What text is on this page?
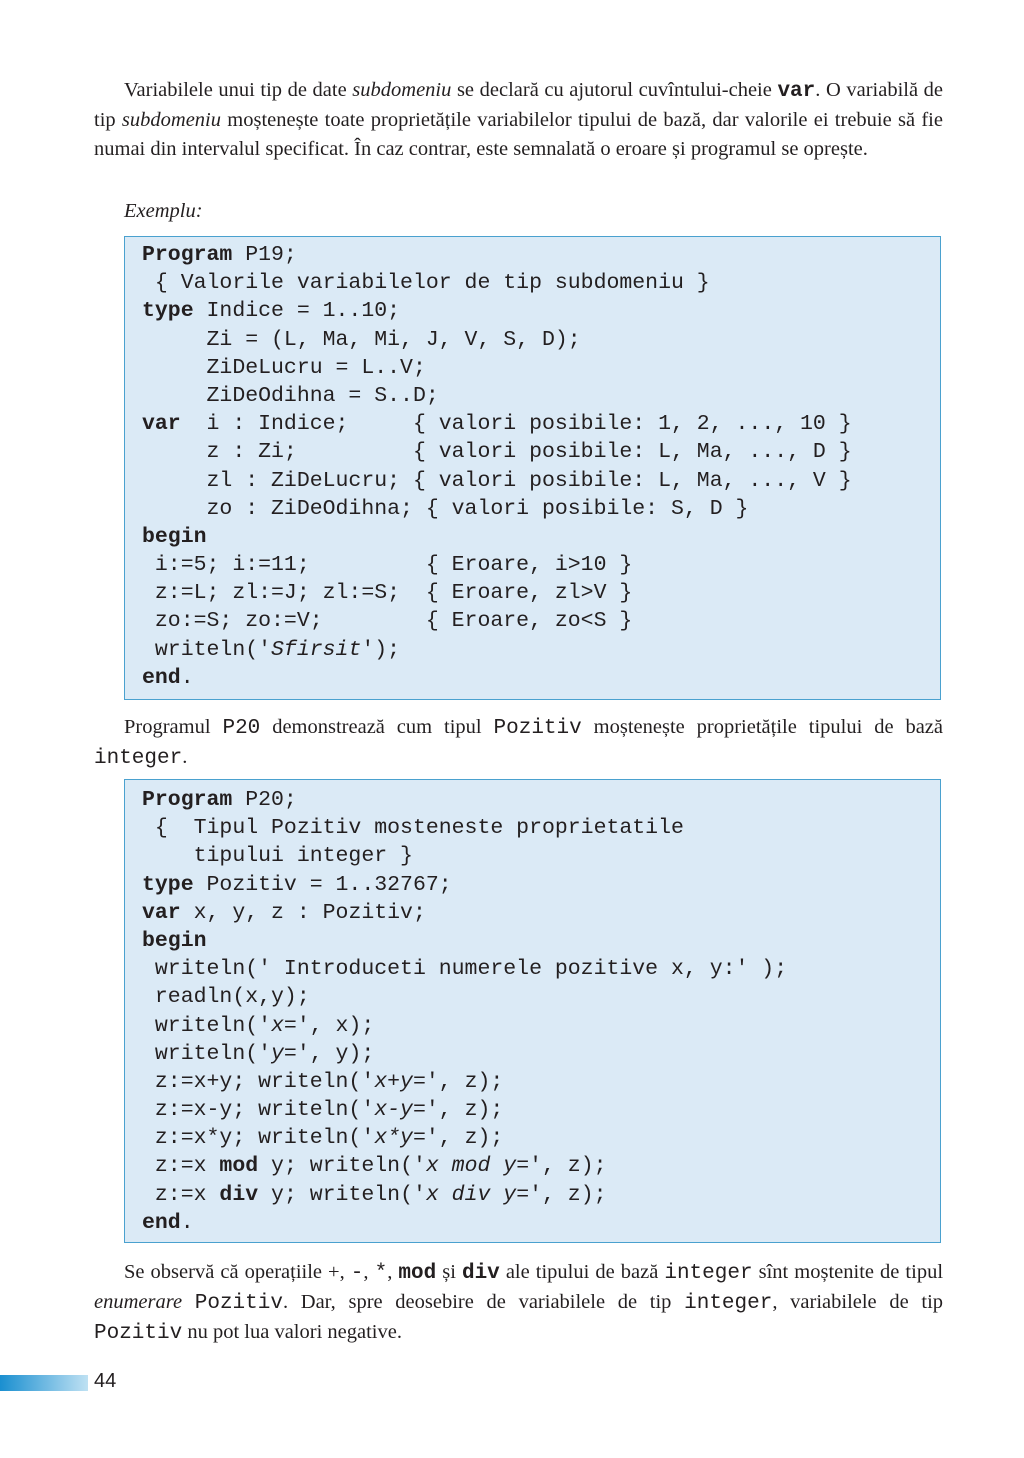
Variabilele unui tip de date subdomeniu se declară cu ajutorul cuvîntului-cheie var. O variabilă de tip subdomeniu moștenește toate proprietățile variabilelor tipului de bază, dar valorile ei trebuie să fie numai din intervalul specificat. În caz contrar, este semnalată o eroare și programul se oprește.

Exemplu:

Program P19;
{ Valorile variabilelor de tip subdomeniu }
type Indice = 1..10;
Zi = (L, Ma, Mi, J, V, S, D);
ZiDeLucru = L..V;
ZiDeOdihna = S..D;
var  i : Indice;     { valori posibile: 1, 2, ..., 10 }
z : Zi;         { valori posibile: L, Ma, ..., D }
zl : ZiDeLucru; { valori posibile: L, Ma, ..., V }
zo : ZiDeOdihna; { valori posibile: S, D }
begin
i:=5; i:=11;         { Eroare, i>10 }
z:=L; zl:=J; zl:=S;  { Eroare, zl>V }
zo:=S; zo:=V;        { Eroare, zo<S }
writeln('Sfirsit');
end.

Programul P20 demonstrează cum tipul Pozitiv moștenește proprietățile tipului de bază integer.

Program P20;
{  Tipul Pozitiv mosteneste proprietatile
tipului integer }
type Pozitiv = 1..32767;
var x, y, z : Pozitiv;
begin
writeln(' Introduceti numerele pozitive x, y:' );
readln(x,y);
writeln('x=', x);
writeln('y=', y);
z:=x+y; writeln('x+y=', z);
z:=x-y; writeln('x-y=', z);
z:=x*y; writeln('x*y=', z);
z:=x mod y; writeln('x mod y=', z);
z:=x div y; writeln('x div y=', z);
end.

Se observă că operațiile +, -, *, mod și div ale tipului de bază integer sînt moștenite de tipul enumerare Pozitiv. Dar, spre deosebire de variabilele de tip integer, variabilele de tip Pozitiv nu pot lua valori negative.

44
